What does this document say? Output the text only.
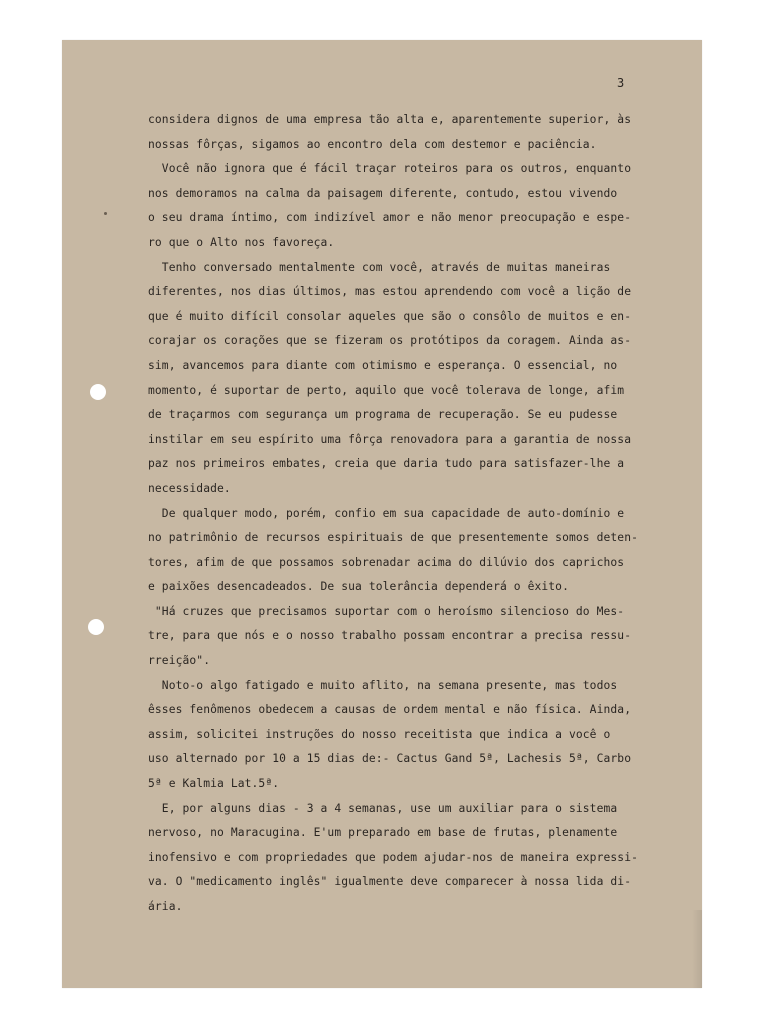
3
considera dignos de uma empresa tão alta e, aparentemente superior, às
nossas fôrças, sigamos ao encontro dela com destemor e paciência.
Você não ignora que é fácil traçar roteiros para os outros, enquanto
nos demoramos na calma da paisagem diferente, contudo, estou vivendo
o seu drama íntimo, com indizível amor e não menor preocupação e espe-
ro que o Alto nos favoreça.
Tenho conversado mentalmente com você, através de muitas maneiras
diferentes, nos dias últimos, mas estou aprendendo com você a lição de
que é muito difícil consolar aqueles que são o consôlo de muitos e en-
corajar os corações que se fizeram os protótipos da coragem. Ainda as-
sim, avancemos para diante com otimismo e esperança. O essencial, no
momento, é suportar de perto, aquilo que você tolerava de longe, afim
de traçarmos com segurança um programa de recuperação. Se eu pudesse
instilar em seu espírito uma fôrça renovadora para a garantia de nossa
paz nos primeiros embates, creia que daria tudo para satisfazer-lhe a
necessidade.
De qualquer modo, porém, confio em sua capacidade de auto-domínio e
no patrimônio de recursos espirituais de que presentemente somos deten-
tores, afim de que possamos sobrenadar acima do dilúvio dos caprichos
e paixões desencadeados. De sua tolerância dependerá o êxito.
"Há cruzes que precisamos suportar com o heroísmo silencioso do Mes-
tre, para que nós e o nosso trabalho possam encontrar a precisa ressu-
rreição".
Noto-o algo fatigado e muito aflito, na semana presente, mas todos
êsses fenômenos obedecem a causas de ordem mental e não física. Ainda,
assim, solicitei instruções do nosso receitista que indica a você o
uso alternado por 10 a 15 dias de:- Cactus Gand 5ª, Lachesis 5ª, Carbo
5ª e Kalmia Lat.5ª.
E, por alguns dias - 3 a 4 semanas, use um auxiliar para o sistema
nervoso, no Maracugina. E'um preparado em base de frutas, plenamente
inofensivo e com propriedades que podem ajudar-nos de maneira expressi-
va. O "medicamento inglês" igualmente deve comparecer à nossa lida di-
ária.
